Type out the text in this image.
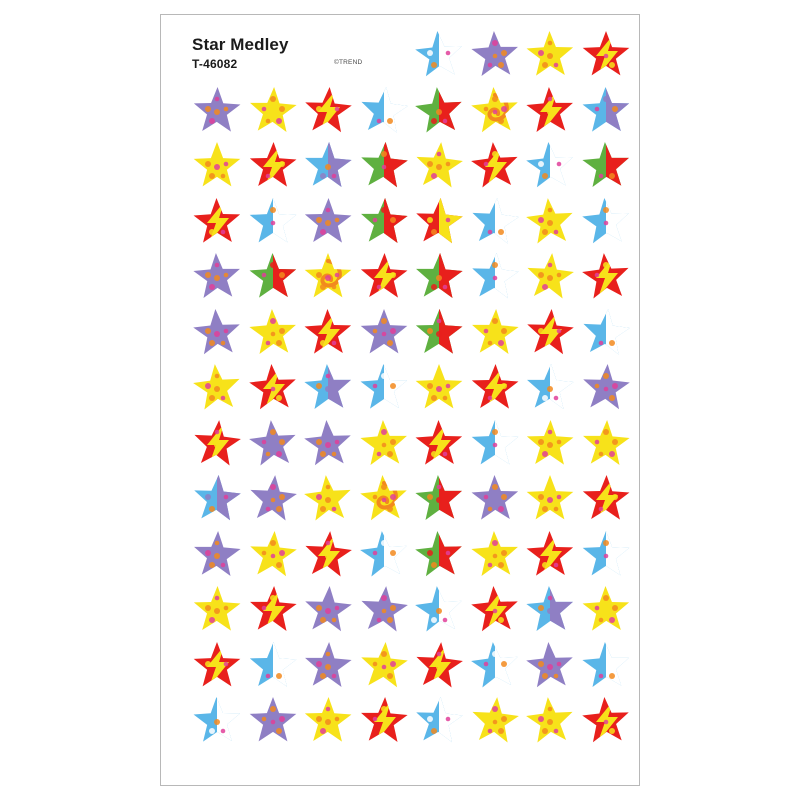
Star Medley
T-46082	©TREND
